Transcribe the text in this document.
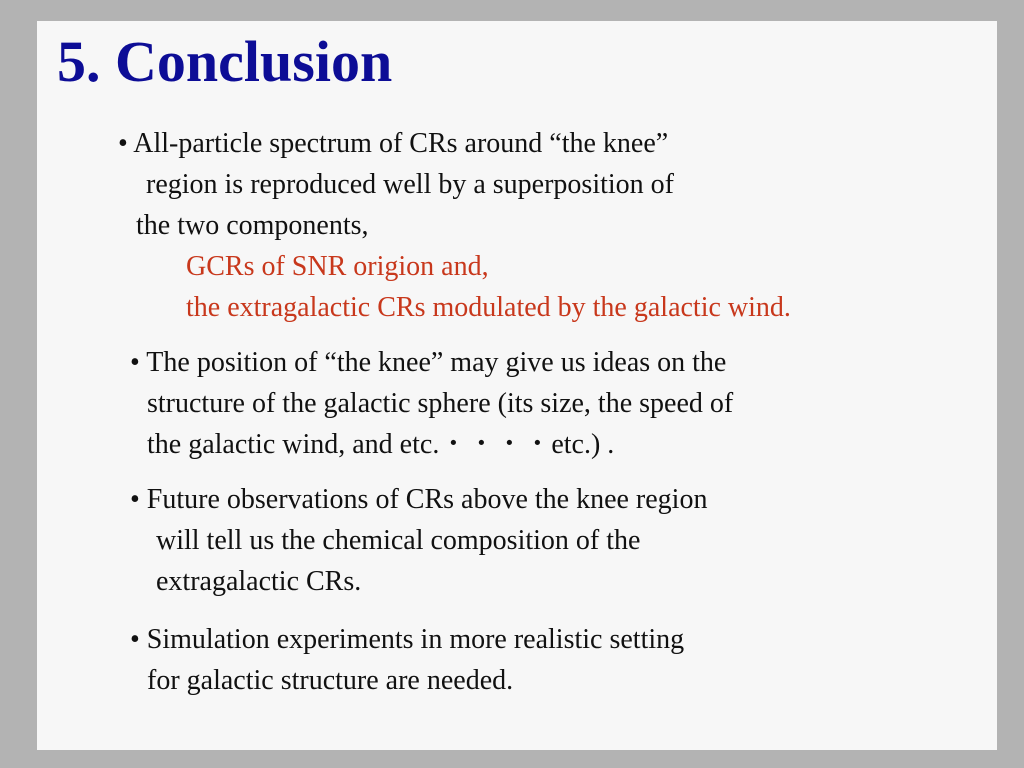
5. Conclusion
• All-particle spectrum of CRs around “the knee”
region is reproduced well by a superposition of
the two components,
GCRs of SNR origion and,
the extragalactic CRs modulated by the galactic wind.
• The position of “the knee” may give us ideas on the
structure of the galactic sphere (its size, the speed of
the galactic wind, and etc.・・・・etc.) .
• Future observations of CRs above the knee region
will tell us the chemical composition of the
extragalactic CRs.
• Simulation experiments in more realistic setting
for galactic structure are needed.
